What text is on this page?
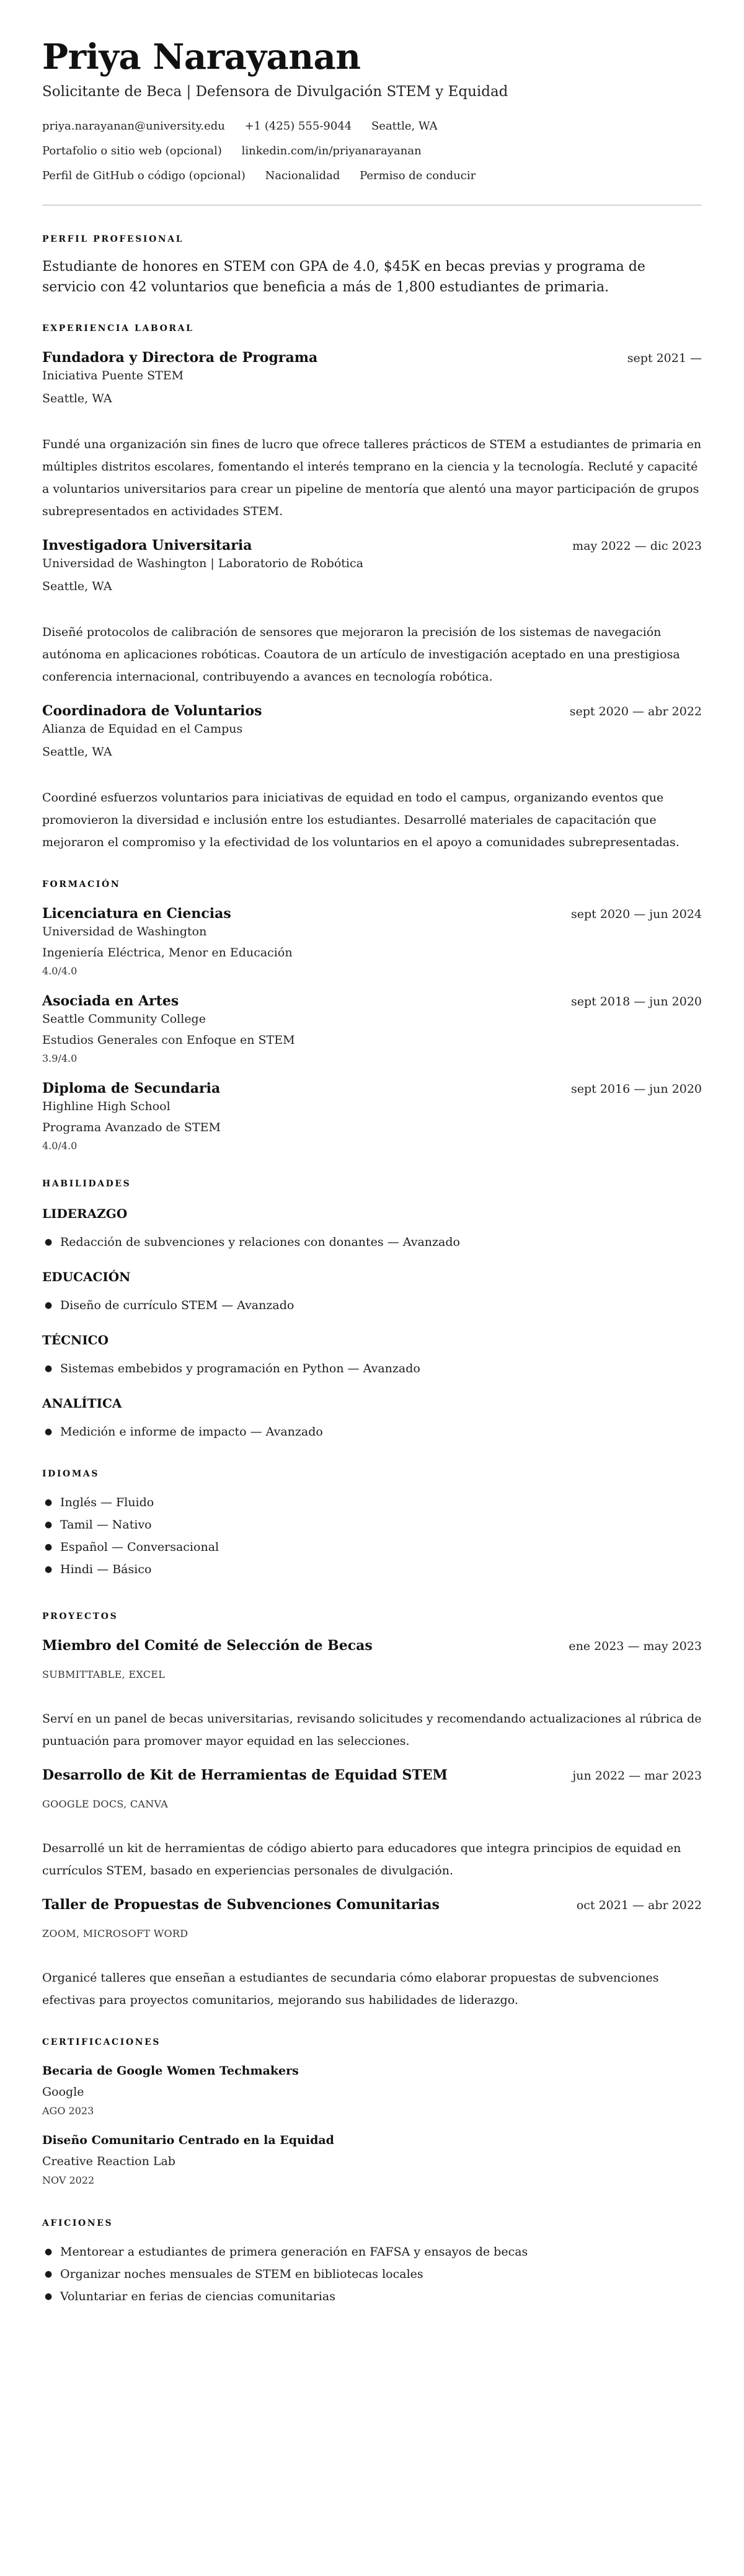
Priya Narayanan
Solicitante de Beca | Defensora de Divulgación STEM y Equidad
priya.narayanan@university.edu +1 (425) 555-9044 Seattle, WA
Portafolio o sitio web (opcional) linkedin.com/in/priyanarayanan
Perfil de GitHub o código (opcional) Nacionalidad Permiso de conducir
PERFIL PROFESIONAL

Estudiante de honores en STEM con GPA de 4.0, $45K en becas previas y programa de servicio con 42 voluntarios que beneficia a más de 1,800 estudiantes de primaria.

EXPERIENCIA LABORAL
Fundadora y Directora de Programa	sept 2021 —
Iniciativa Puente STEM
Seattle, WA

Fundé una organización sin fines de lucro que ofrece talleres prácticos de STEM a estudiantes de primaria en múltiples distritos escolares, fomentando el interés temprano en la ciencia y la tecnología. Recluté y capacité a voluntarios universitarios para crear un pipeline de mentoría que alentó una mayor participación de grupos subrepresentados en actividades STEM.

Investigadora Universitaria	may 2022 — dic 2023
Universidad de Washington | Laboratorio de Robótica
Seattle, WA

Diseñé protocolos de calibración de sensores que mejoraron la precisión de los sistemas de navegación autónoma en aplicaciones robóticas. Coautora de un artículo de investigación aceptado en una prestigiosa conferencia internacional, contribuyendo a avances en tecnología robótica.

Coordinadora de Voluntarios	sept 2020 — abr 2022
Alianza de Equidad en el Campus
Seattle, WA

Coordiné esfuerzos voluntarios para iniciativas de equidad en todo el campus, organizando eventos que promovieron la diversidad e inclusión entre los estudiantes. Desarrollé materiales de capacitación que mejoraron el compromiso y la efectividad de los voluntarios en el apoyo a comunidades subrepresentadas.

FORMACIÓN
Licenciatura en Ciencias	sept 2020 — jun 2024
Universidad de Washington
Ingeniería Eléctrica, Menor en Educación
4.0/4.0
Asociada en Artes	sept 2018 — jun 2020
Seattle Community College
Estudios Generales con Enfoque en STEM
3.9/4.0
Diploma de Secundaria	sept 2016 — jun 2020
Highline High School
Programa Avanzado de STEM
4.0/4.0
HABILIDADES
LIDERAZGO
● Redacción de subvenciones y relaciones con donantes — Avanzado
EDUCACIÓN
● Diseño de currículo STEM — Avanzado
TÉCNICO
● Sistemas embebidos y programación en Python — Avanzado
ANALÍTICA
● Medición e informe de impacto — Avanzado
IDIOMAS
● Inglés — Fluido
● Tamil — Nativo
● Español — Conversacional
● Hindi — Básico
PROYECTOS
Miembro del Comité de Selección de Becas	ene 2023 — may 2023
SUBMITTABLE, EXCEL

Serví en un panel de becas universitarias, revisando solicitudes y recomendando actualizaciones al rúbrica de puntuación para promover mayor equidad en las selecciones.

Desarrollo de Kit de Herramientas de Equidad STEM	jun 2022 — mar 2023
GOOGLE DOCS, CANVA

Desarrollé un kit de herramientas de código abierto para educadores que integra principios de equidad en currículos STEM, basado en experiencias personales de divulgación.

Taller de Propuestas de Subvenciones Comunitarias	oct 2021 — abr 2022
ZOOM, MICROSOFT WORD

Organicé talleres que enseñan a estudiantes de secundaria cómo elaborar propuestas de subvenciones efectivas para proyectos comunitarios, mejorando sus habilidades de liderazgo.

CERTIFICACIONES
Becaria de Google Women Techmakers
Google
AGO 2023
Diseño Comunitario Centrado en la Equidad
Creative Reaction Lab
NOV 2022
AFICIONES
● Mentorear a estudiantes de primera generación en FAFSA y ensayos de becas
● Organizar noches mensuales de STEM en bibliotecas locales
● Voluntariar en ferias de ciencias comunitarias
